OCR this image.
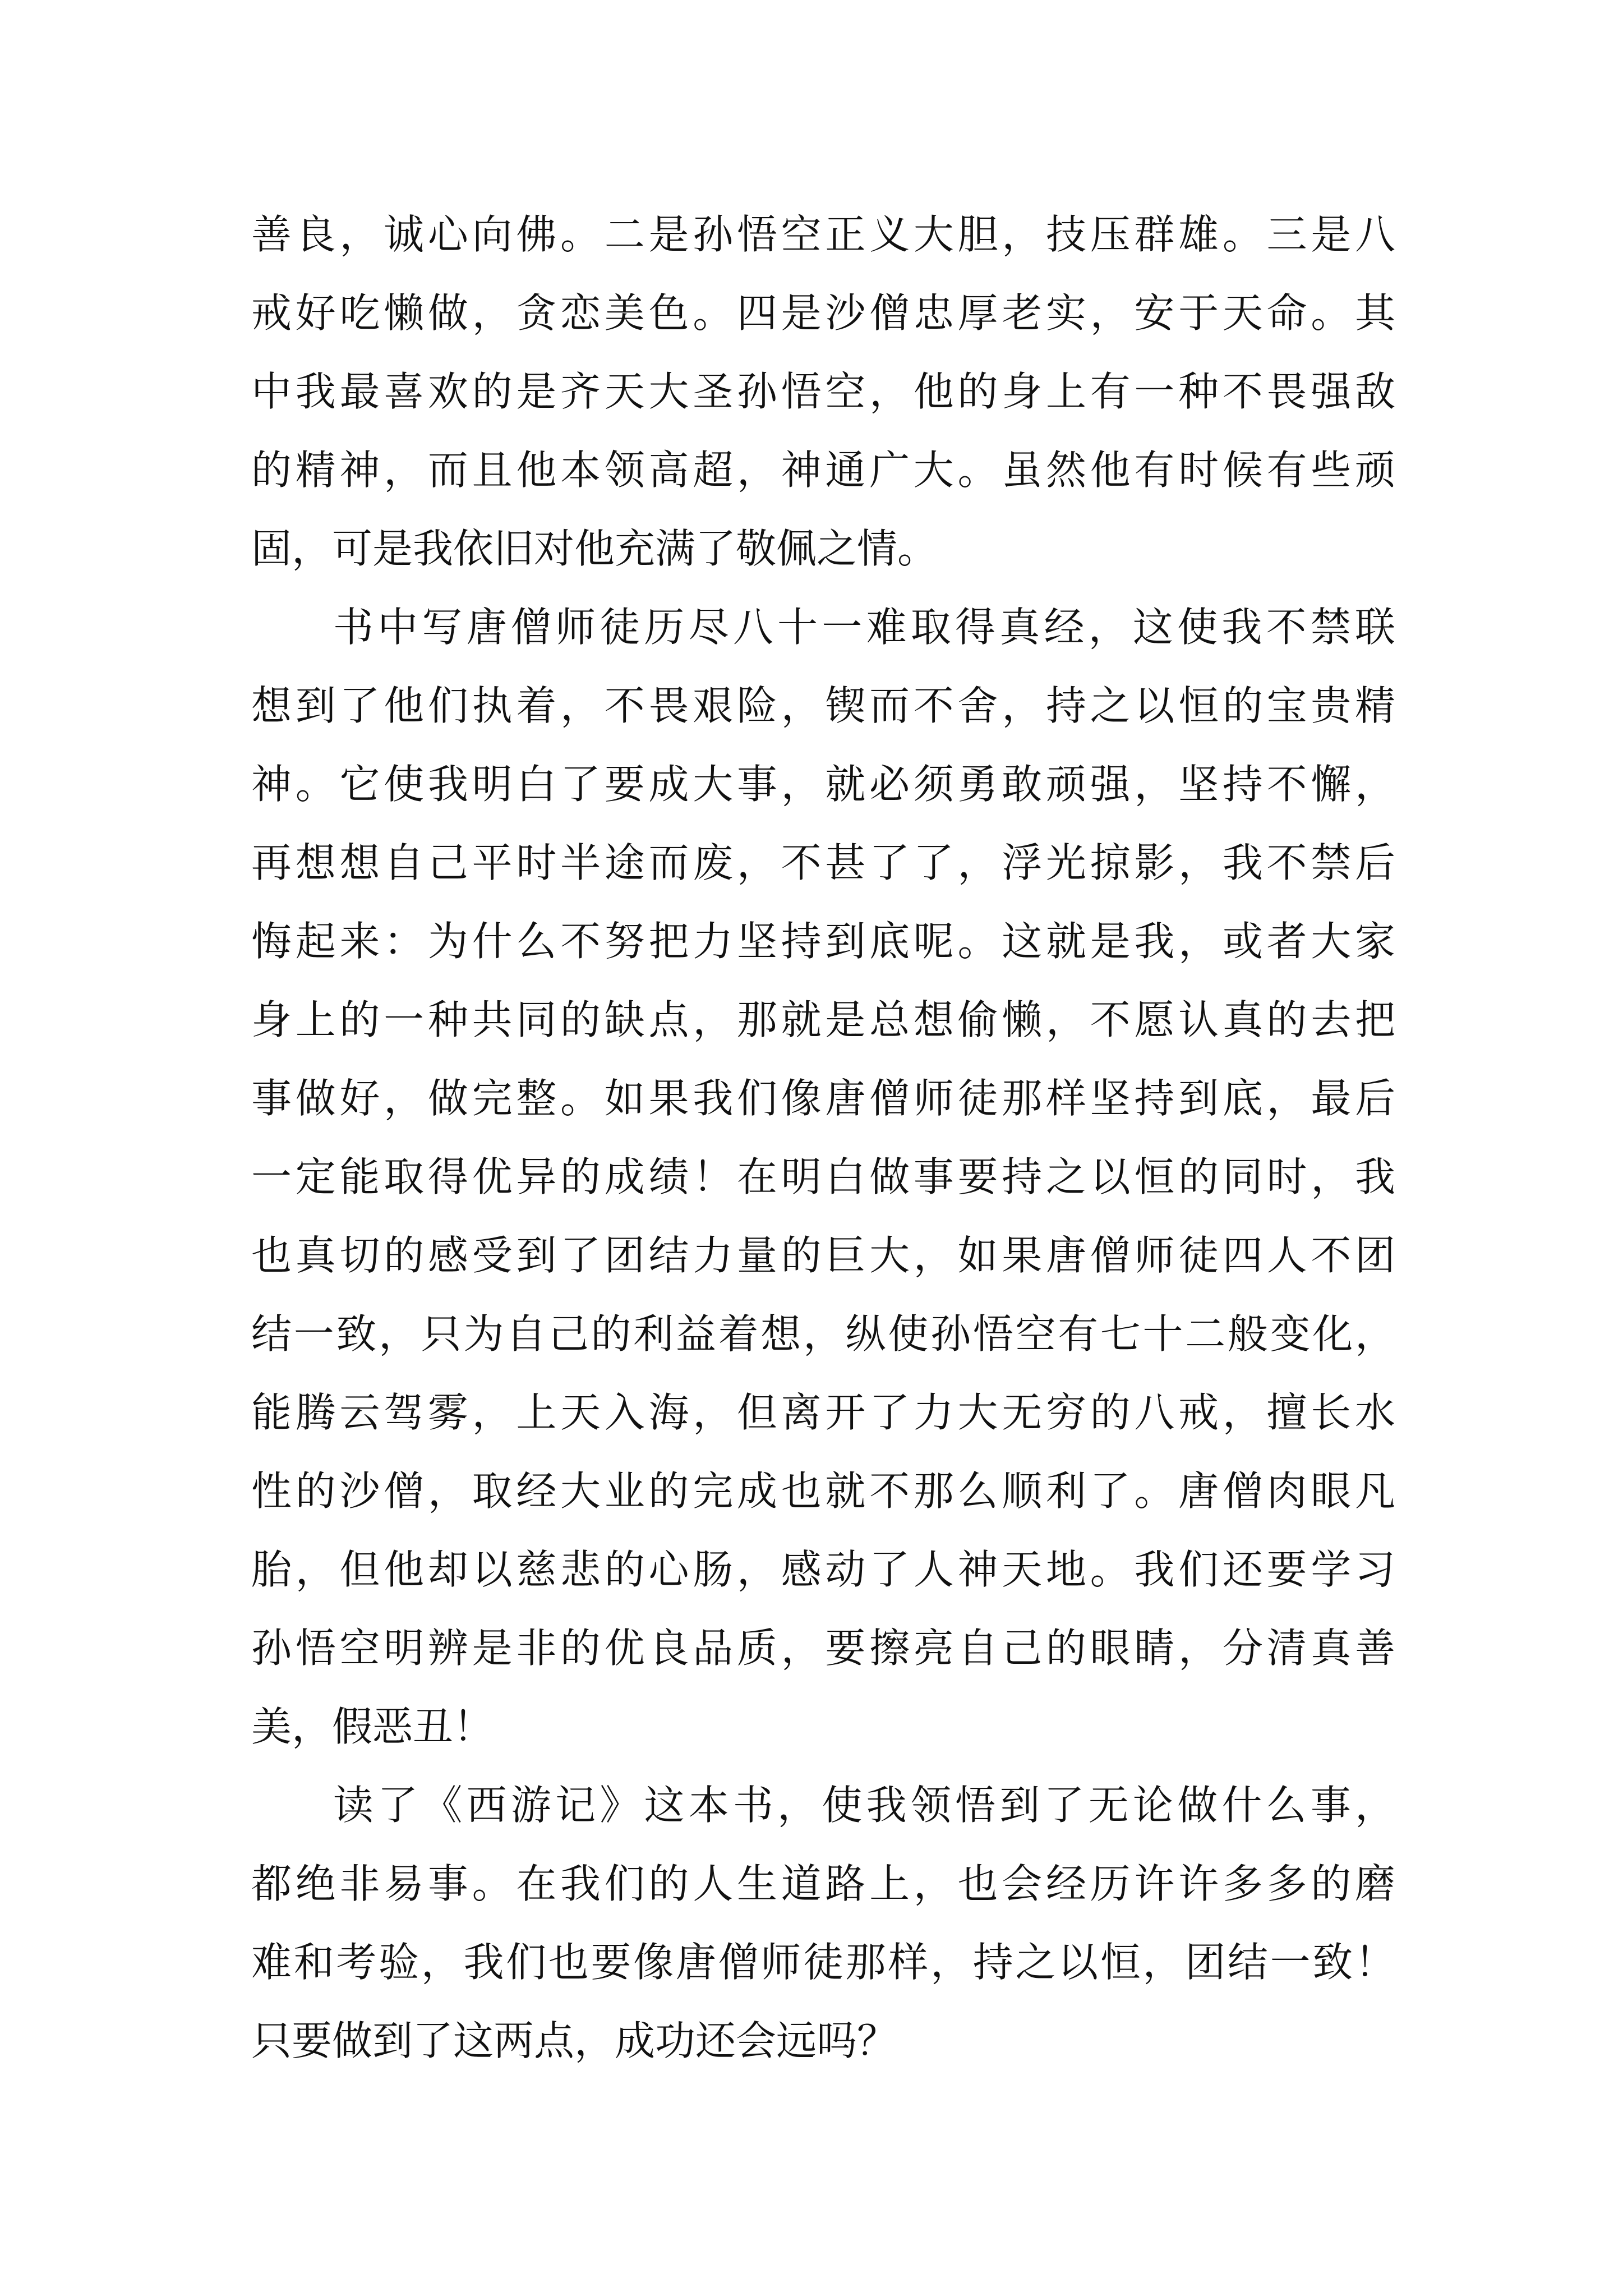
善良，诚心向佛。二是孙悟空正义大胆，技压群雄。三是八
戒好吃懒做，贪恋美色。四是沙僧忠厚老实，安于天命。其
中我最喜欢的是齐天大圣孙悟空，他的身上有一种不畏强敌
的精神，而且他本领高超，神通广大。虽然他有时候有些顽
固，可是我依旧对他充满了敬佩之情。
书中写唐僧师徒历尽八十一难取得真经，这使我不禁联
想到了他们执着，不畏艰险，锲而不舍，持之以恒的宝贵精
神。它使我明白了要成大事，就必须勇敢顽强，坚持不懈，
再想想自己平时半途而废，不甚了了，浮光掠影，我不禁后
悔起来：为什么不努把力坚持到底呢。这就是我，或者大家
身上的一种共同的缺点，那就是总想偷懒，不愿认真的去把
事做好，做完整。如果我们像唐僧师徒那样坚持到底，最后
一定能取得优异的成绩！在明白做事要持之以恒的同时，我
也真切的感受到了团结力量的巨大，如果唐僧师徒四人不团
结一致，只为自己的利益着想，纵使孙悟空有七十二般变化，
能腾云驾雾，上天入海，但离开了力大无穷的八戒，擅长水
性的沙僧，取经大业的完成也就不那么顺利了。唐僧肉眼凡
胎，但他却以慈悲的心肠，感动了人神天地。我们还要学习
孙悟空明辨是非的优良品质，要擦亮自己的眼睛，分清真善
美，假恶丑！
读了《西游记》这本书，使我领悟到了无论做什么事，
都绝非易事。在我们的人生道路上，也会经历许许多多的磨
难和考验，我们也要像唐僧师徒那样，持之以恒，团结一致！
只要做到了这两点，成功还会远吗？
